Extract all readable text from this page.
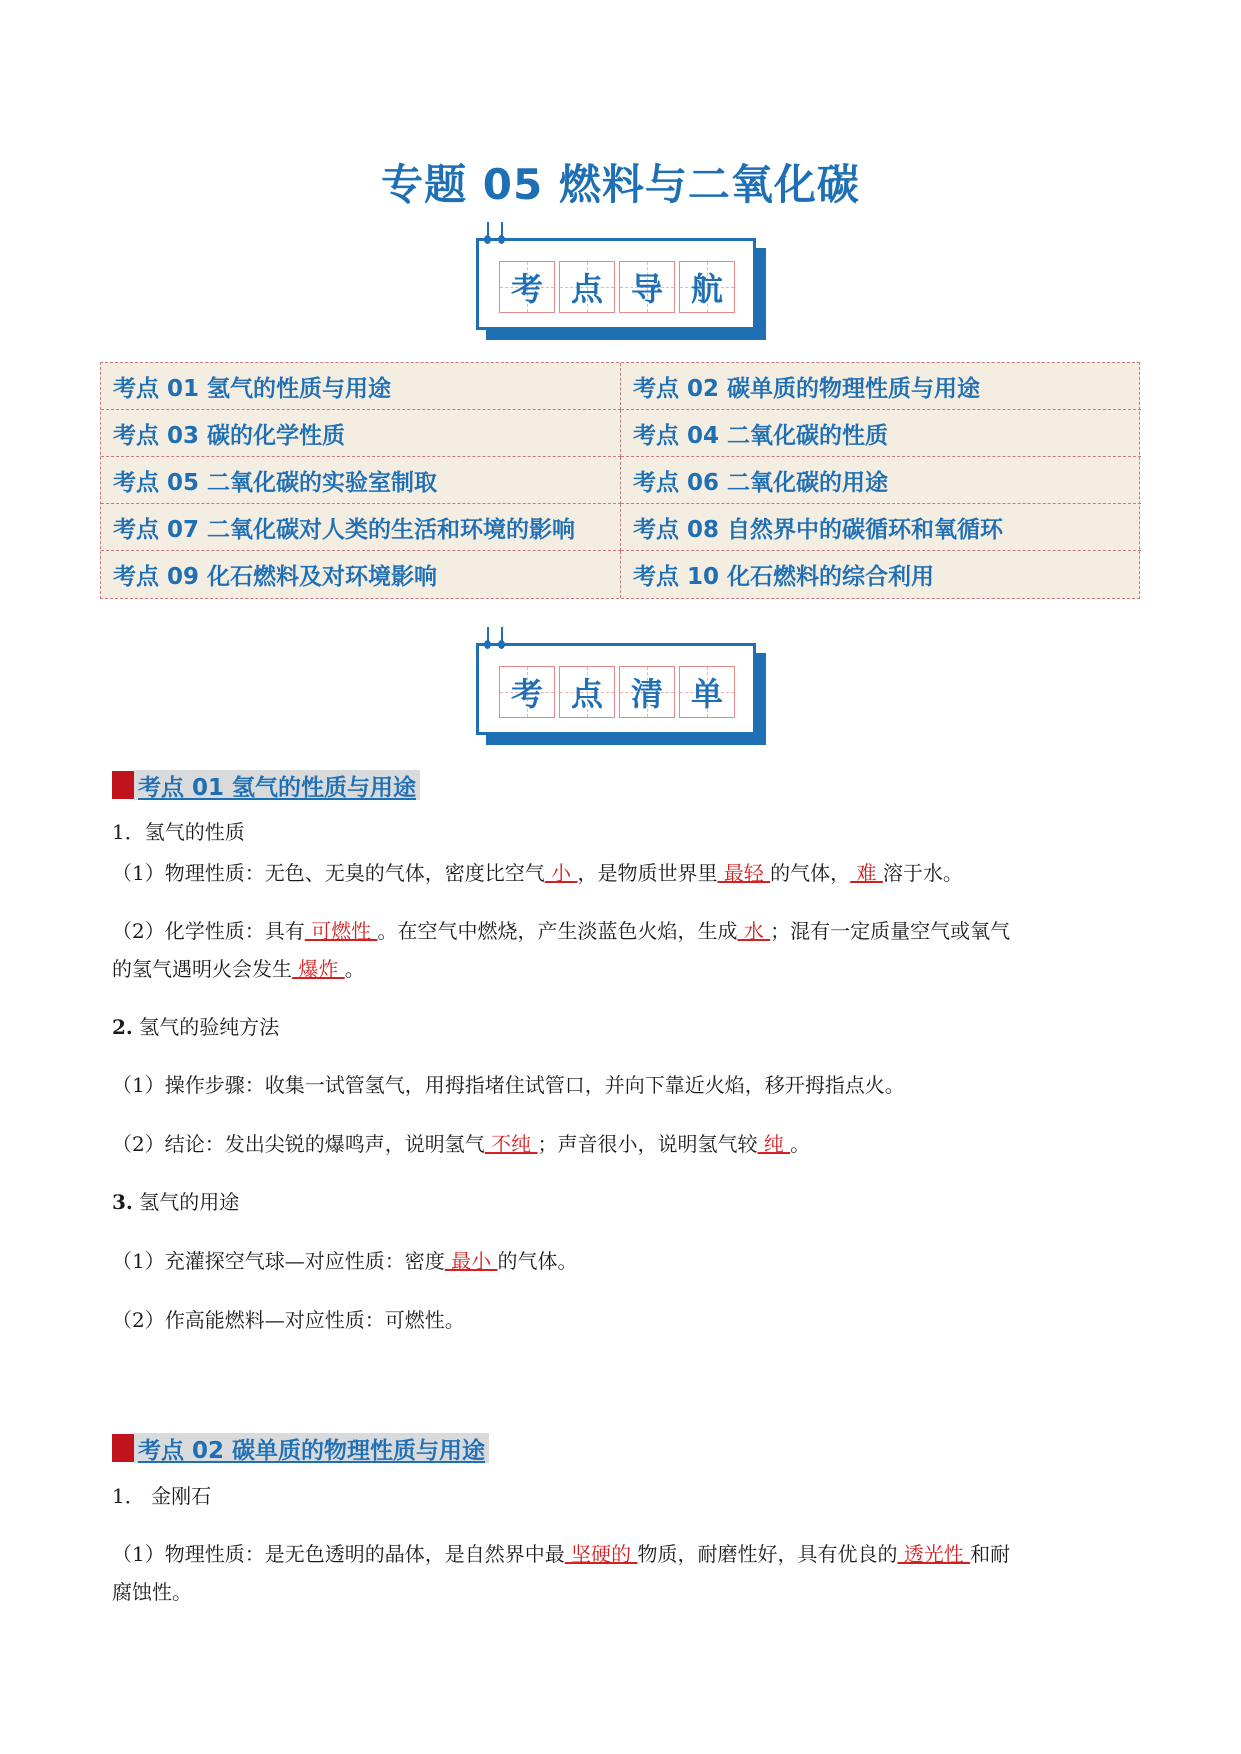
专题 05 燃料与二氧化碳
考 点 导 航
考点 01 氢气的性质与用途	考点 02 碳单质的物理性质与用途
考点 03 碳的化学性质	考点 04 二氧化碳的性质
考点 05 二氧化碳的实验室制取	考点 06 二氧化碳的用途
考点 07 二氧化碳对人类的生活和环境的影响	考点 08 自然界中的碳循环和氧循环
考点 09 化石燃料及对环境影响	考点 10 化石燃料的综合利用
考 点 清 单
考点 01 氢气的性质与用途
1．氢气的性质
（1）物理性质：无色、无臭的气体，密度比空气 小 ，是物质世界里 最轻 的气体， 难 溶于水。
（2）化学性质：具有 可燃性 。在空气中燃烧，产生淡蓝色火焰，生成 水 ；混有一定质量空气或氧气
的氢气遇明火会发生 爆炸 。
2. 氢气的验纯方法
（1）操作步骤：收集一试管氢气，用拇指堵住试管口，并向下靠近火焰，移开拇指点火。
（2）结论：发出尖锐的爆鸣声，说明氢气 不纯 ；声音很小，说明氢气较 纯 。
3. 氢气的用途
（1）充灌探空气球—对应性质：密度 最小 的气体。
（2）作高能燃料—对应性质：可燃性。
考点 02 碳单质的物理性质与用途
1． 金刚石
（1）物理性质：是无色透明的晶体，是自然界中最 坚硬的 物质，耐磨性好，具有优良的 透光性 和耐
腐蚀性。
